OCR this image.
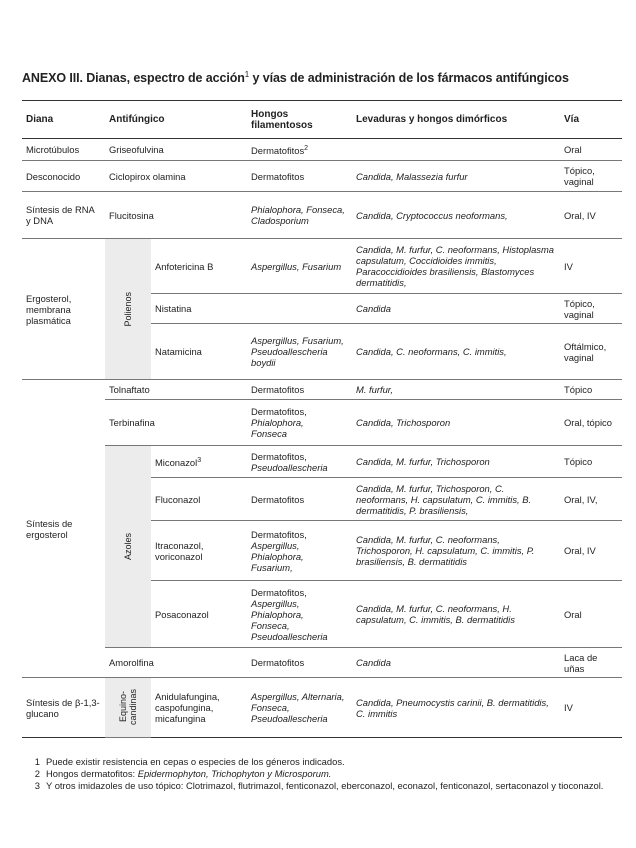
ANEXO III. Dianas, espectro de acción$^1$ y vías de administración de los fármacos antifúngicos
Diana	Antifúngico		Hongos filamentosos	Levaduras y hongos dimórficos	Vía
Microtúbulos	Griseofulvina		Dermatofitos$^2$		Oral
Desconocido	Ciclopirox olamina		Dermatofitos	Candida, Malassezia furfur	Tópico, vaginal
Síntesis de RNA y DNA	Flucitosina		Phialophora, Fonseca, Cladosporium	Candida, Cryptococcus neoformans,	Oral, IV
Ergosterol, membrana plasmática	Polienos	Anfotericina B	Aspergillus, Fusarium	Candida, M. furfur, C. neoformans, Histoplasma capsulatum, Coccidioides immitis, Paracoccidioides brasiliensis, Blastomyces dermatitidis,	IV
		Nistatina		Candida	Tópico, vaginal
		Natamicina	Aspergillus, Fusarium, Pseudoallescheria boydii	Candida, C. neoformans, C. immitis,	Oftálmico, vaginal
Síntesis de ergosterol	Tolnaftato		Dermatofitos	M. furfur,	Tópico
	Terbinafina		Dermatofitos,
Phialophora,
Fonseca	Candida, Trichosporon	Oral, tópico

	Azoles	Miconazol$^3$	Dermatofitos,
Pseudoallescheria	Candida, M. furfur, Trichosporon	Tópico
		Fluconazol	Dermatofitos	Candida, M. furfur, Trichosporon, C. neoformans, H. capsulatum, C. immitis, B. dermatitidis, P. brasiliensis,	Oral, IV,
		Itraconazol, voriconazol	Dermatofitos,
Aspergillus,
Phialophora,
Fusarium,	Candida, M. furfur, C. neoformans, Trichosporon, H. capsulatum, C. immitis, P. brasiliensis, B. dermatitidis	Oral, IV
		Posaconazol	Dermatofitos,
Aspergillus,
Phialophora,
Fonseca,
Pseudoallescheria	Candida, M. furfur, C. neoformans, H. capsulatum, C. immitis, B. dermatitidis	Oral
	Amorolfina		Dermatofitos	Candida	Laca de uñas
Síntesis de β-1,3-glucano	Equino-
candinas	Anidulafungina, caspofungina, micafungina	Aspergillus, Alternaria, Fonseca, Pseudoallescheria	Candida, Pneumocystis carinii, B. dermatitidis, C. immitis	IV
1 Puede existir resistencia en cepas o especies de los géneros indicados.
2 Hongos dermatofitos: Epidermophyton, Trichophyton y Microsporum.
3 Y otros imidazoles de uso tópico: Clotrimazol, flutrimazol, fenticonazol, eberconazol, econazol, fenticonazol, sertaconazol y tioconazol.
